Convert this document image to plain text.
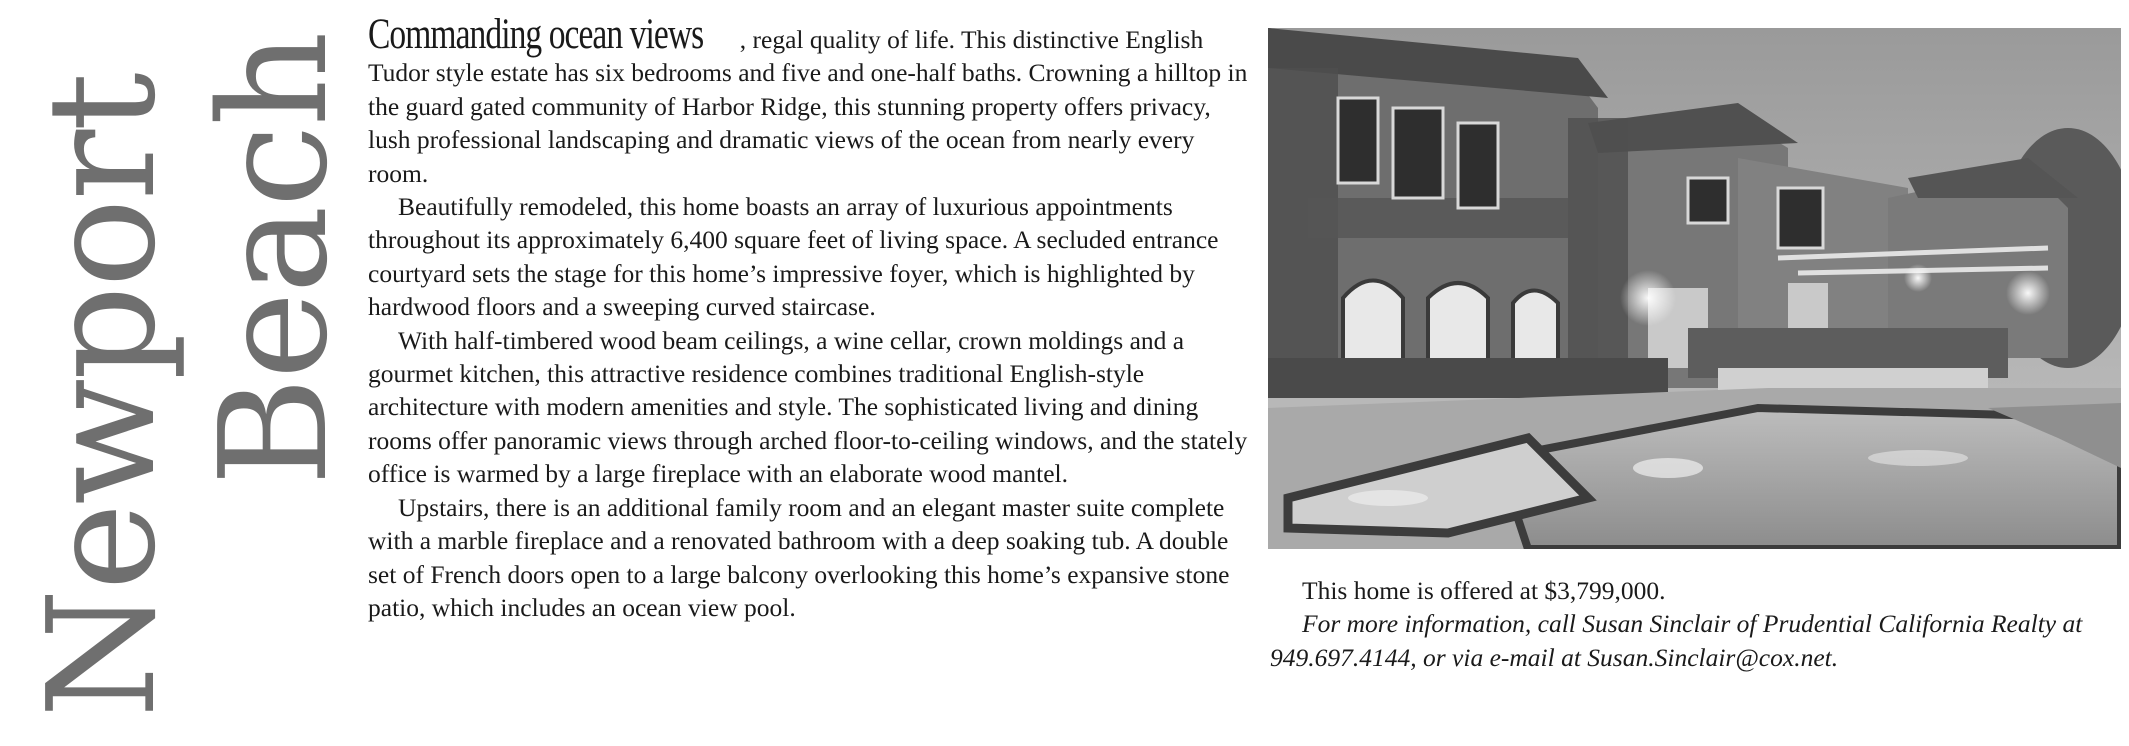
Newport Beach Commanding ocean views , regal quality of life. This distinctive English Tudor style estate has six bedrooms and five and one-half baths. Crowning a hilltop in the guard gated community of Harbor Ridge, this stunning property offers privacy, lush professional landscaping and dramatic views of the ocean from nearly every room.

Beautifully remodeled, this home boasts an array of luxurious appointments throughout its approximately 6,400 square feet of living space. A secluded entrance courtyard sets the stage for this home’s impressive foyer, which is highlighted by hardwood floors and a sweeping curved staircase.

With half-timbered wood beam ceilings, a wine cellar, crown moldings and a gourmet kitchen, this attractive residence combines traditional English-style architecture with modern amenities and style. The sophisticated living and dining rooms offer panoramic views through arched floor-to-ceiling windows, and the stately office is warmed by a large fireplace with an elaborate wood mantel.

Upstairs, there is an additional family room and an elegant master suite complete with a marble fireplace and a renovated bathroom with a deep soaking tub. A double set of French doors open to a large balcony overlooking this home’s expansive stone patio, which includes an ocean view pool.

This home is offered at $3,799,000.

For more information, call Susan Sinclair of Prudential California Realty at 949.697.4144, or via e-mail at Susan.Sinclair@cox.net.
